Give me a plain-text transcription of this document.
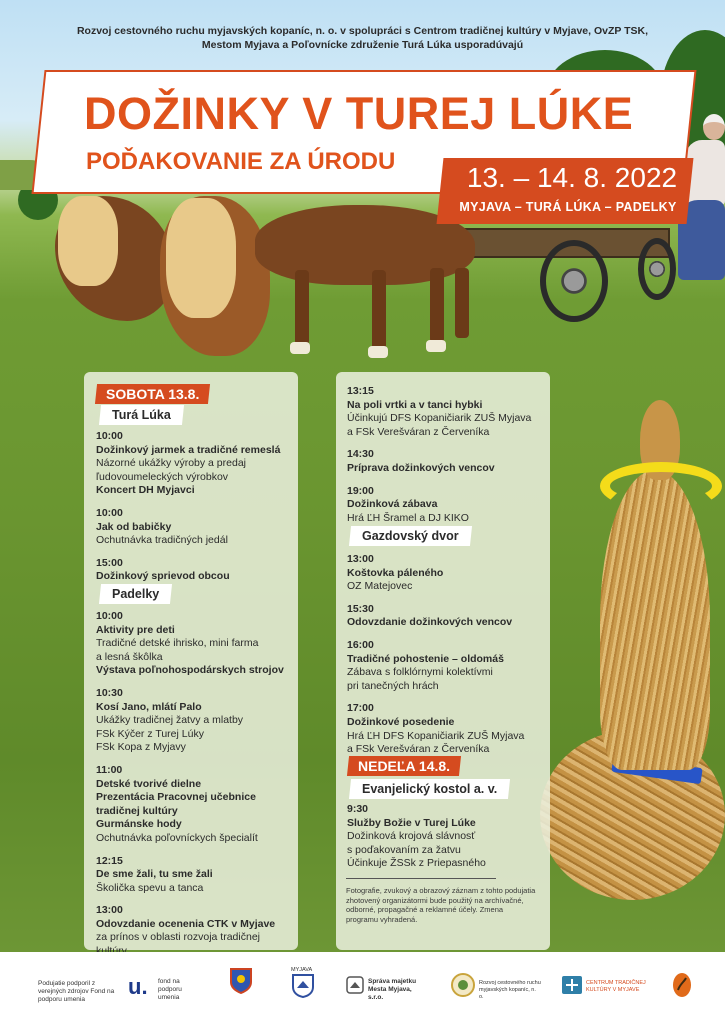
Rozvoj cestovného ruchu myjavských kopaníc, n. o. v spolupráci s Centrom tradičnej kultúry v Myjave, OvZP TSK,
Mestom Myjava a Poľovnícke združenie Turá Lúka usporadúvajú
DOŽINKY V TUREJ LÚKE
POĎAKOVANIE ZA ÚRODU
13. – 14. 8. 2022
MYJAVA – TURÁ LÚKA – PADELKY
SOBOTA 13.8.
Turá Lúka
10:00
Dožinkový jarmek a tradičné remeslá
Názorné ukážky výroby a predaj
ľudovoumeleckých výrobkov
Koncert DH Myjavci
10:00
Jak od babičky
Ochutnávka tradičných jedál
15:00
Dožinkový sprievod obcou
Padelky
10:00
Aktivity pre deti
Tradičné detské ihrisko, mini farma
a lesná škôlka
Výstava poľnohospodárskych strojov
10:30
Kosí Jano, mlátí Palo
Ukážky tradičnej žatvy a mlatby
FSk Kýčer z Turej Lúky
FSk Kopa z Myjavy
11:00
Detské tvorivé dielne
Prezentácia Pracovnej učebnice tradičnej kultúry
Gurmánske hody
Ochutnávka poľovníckych špecialít
12:15
De sme žali, tu sme žali
Školička spevu a tanca
13:00
Odovzdanie ocenenia CTK v Myjave
za prínos v oblasti rozvoja tradičnej
13:15
Na poli vrtki a v tanci hybki
Účinkujú DFS Kopaničiarik ZUŠ Myjava
a FSk Verešváran z Červeníka
14:30
Príprava dožinkových vencov
19:00
Dožinková zábava
Hrá ĽH Šramel a DJ KIKO
Gazdovský dvor
13:00
Koštovka páleného
OZ Matejovec
15:30
Odovzdanie dožinkových vencov
16:00
Tradičné pohostenie – oldomáš
Zábava s folklórnymi kolektívmi
pri tanečných hrách
17:00
Dožinkové posedenie
Hrá ĽH DFS Kopaničiarik ZUŠ Myjava
a FSk Verešváran z Červeníka
NEDEĽA 14.8.
Evanjelický kostol a. v.
9:30
Služby Božie v Turej Lúke
Dožinková krojová slávnosť
s poďakovaním za žatvu
Účinkuje ŽSSk z Priepasného
Fotografie, zvukový a obrazový záznam z tohto podujatia zhotovený organizátormi bude použitý na archívačné, odborné, propagačné a reklamné účely. Zmena programu vyhradená.
Podujatie podporil z verejných zdrojov Fond na podporu umenia
u. fond na podporu umenia
MYJAVA
Správa majetku Mesta Myjava, s.r.o.
Rozvoj cestovného ruchu myjavských kopaníc, n. o.
CENTRUM TRADIČNEJ KULTÚRY V MYJAVE
